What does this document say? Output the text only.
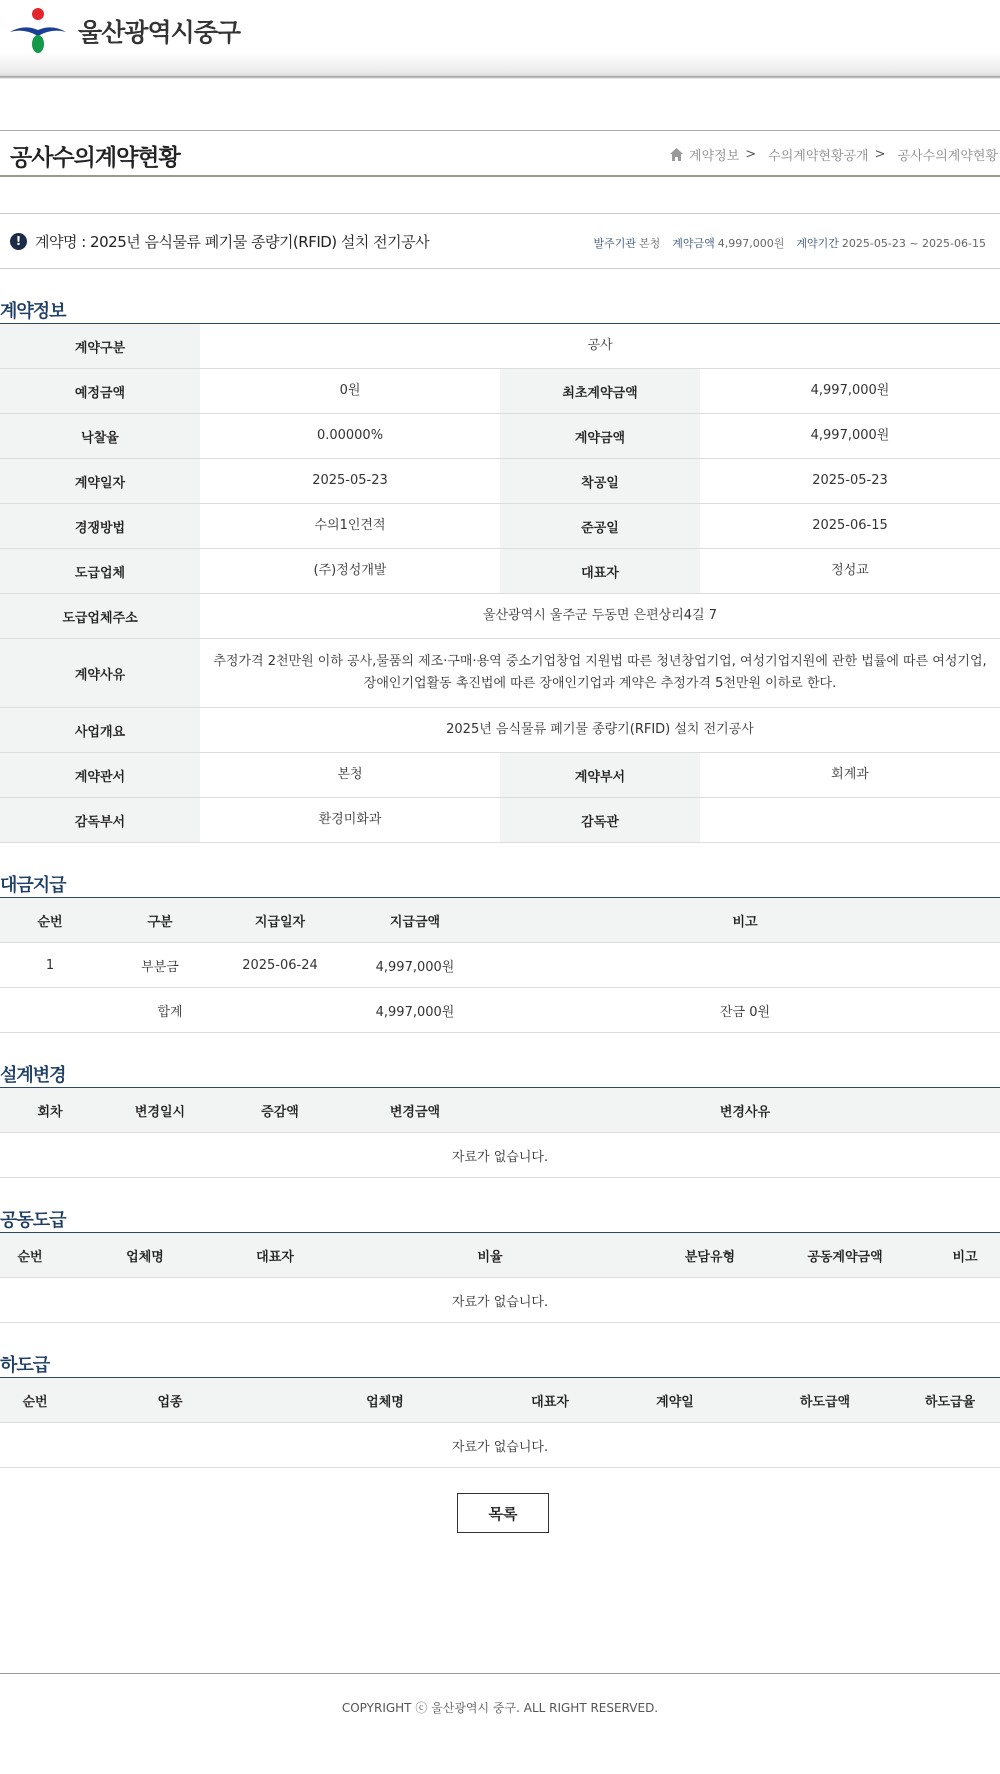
울산광역시중구
공사수의계약현황	계약정보 > 수의계약현황공개 > 공사수의계약현황
! 계약명 : 2025년 음식물류 폐기물 종량기(RFID) 설치 전기공사	발주기관 본청 계약금액 4,997,000원 계약기간 2025-05-23 ~ 2025-06-15
계약정보
계약구분	공사		
예정금액	0원	최초계약금액	4,997,000원
낙찰율	0.00000%	계약금액	4,997,000원
계약일자	2025-05-23	착공일	2025-05-23
경쟁방법	수의1인견적	준공일	2025-06-15
도급업체	(주)정성개발	대표자	정성교
도급업체주소	울산광역시 울주군 두동면 은편상리4길 7		
계약사유	추정가격 2천만원 이하 공사,물품의 제조·구매·용역 중소기업창업 지원법 따른 청년창업기업, 여성기업지원에 관한 법률에 따른 여성기업, 장애인기업활동 촉진법에 따른 장애인기업과 계약은 추정가격 5천만원 이하로 한다.		
사업개요	2025년 음식물류 폐기물 종량기(RFID) 설치 전기공사		
계약관서	본청	계약부서	회계과
감독부서	환경미화과	감독관	
대금지급
순번	구분	지급일자	지급금액	비고
1	부분금	2025-06-24	4,997,000원	
합계			4,997,000원	잔금 0원
설계변경
회차	변경일시	증감액	변경금액	변경사유
자료가 없습니다.
공동도급
순번	업체명	대표자	비율	분담유형	공동계약금액	비고
자료가 없습니다.
하도급
순번	업종	업체명	대표자	계약일	하도급액	하도급율
자료가 없습니다.
목록

COPYRIGHT ⓒ 울산광역시 중구. ALL RIGHT RESERVED.
